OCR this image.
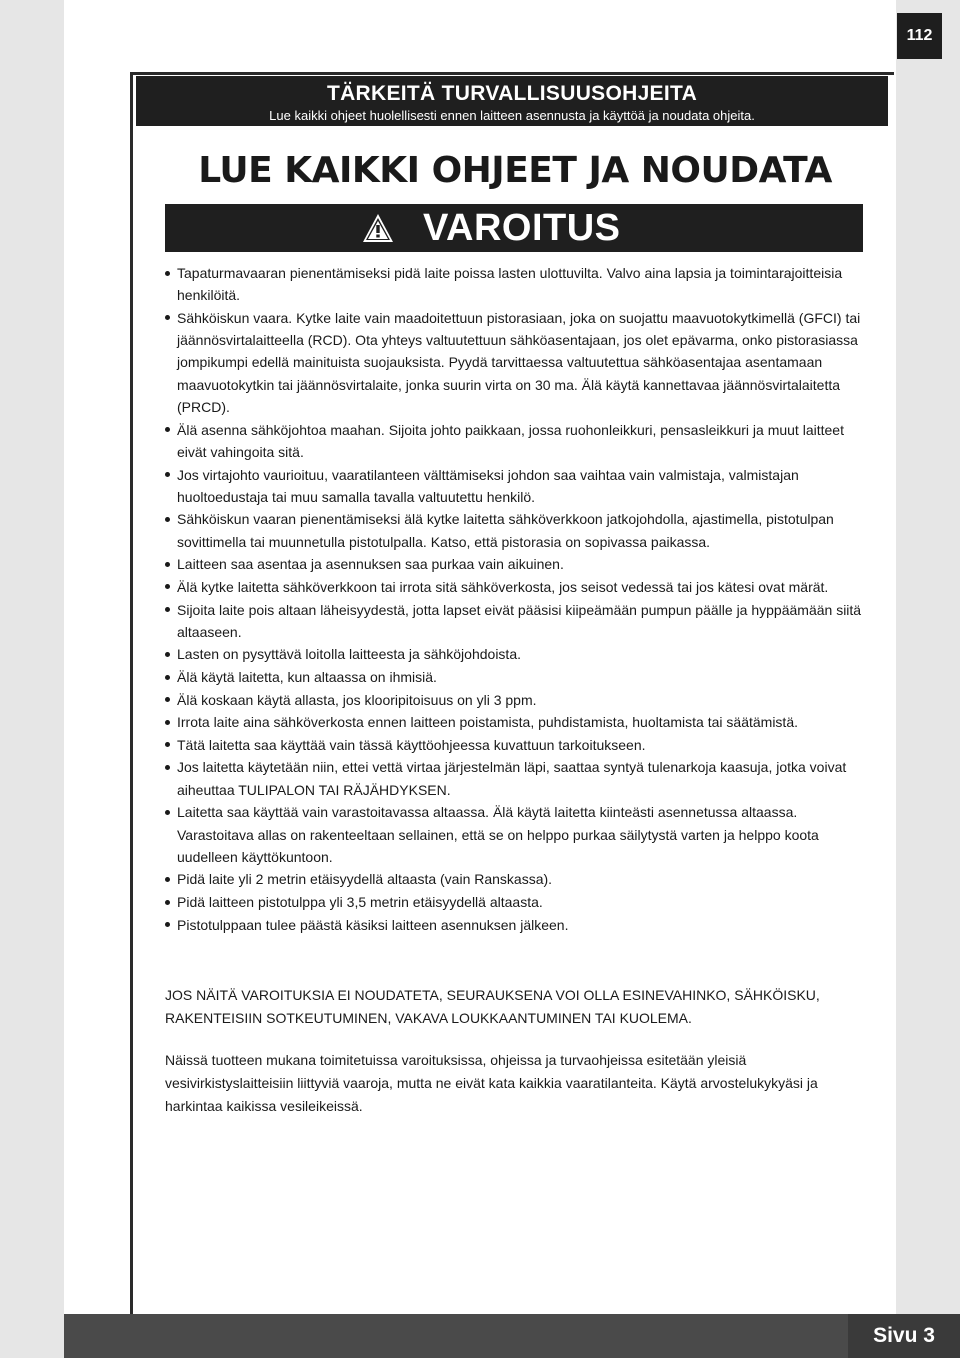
112
TÄRKEITÄ TURVALLISUUSOHJEITA
Lue kaikki ohjeet huolellisesti ennen laitteen asennusta ja käyttöä ja noudata ohjeita.
LUE KAIKKI OHJEET JA NOUDATA
VAROITUS
Tapaturmavaaran pienentämiseksi pidä laite poissa lasten ulottuvilta. Valvo aina lapsia ja toimintarajoitteisia henkilöitä.
Sähköiskun vaara. Kytke laite vain maadoitettuun pistorasiaan, joka on suojattu maavuotokytkimellä (GFCI) tai jäännösvirtalaitteella (RCD). Ota yhteys valtuutettuun sähköasentajaan, jos olet epävarma, onko pistorasiassa jompikumpi edellä mainituista suojauksista. Pyydä tarvittaessa valtuutettua sähköasentajaa asentamaan maavuotokytkin tai jäännösvirtalaite, jonka suurin virta on 30 ma. Älä käytä kannettavaa jäännösvirtalaitetta (PRCD).
Älä asenna sähköjohtoa maahan. Sijoita johto paikkaan, jossa ruohonleikkuri, pensasleikkuri ja muut laitteet eivät vahingoita sitä.
Jos virtajohto vaurioituu, vaaratilanteen välttämiseksi johdon saa vaihtaa vain valmistaja, valmistajan huoltoedustaja tai muu samalla tavalla valtuutettu henkilö.
Sähköiskun vaaran pienentämiseksi älä kytke laitetta sähköverkkoon jatkojohdolla, ajastimella, pistotulpan sovittimella tai muunnetulla pistotulpalla. Katso, että pistorasia on sopivassa paikassa.
Laitteen saa asentaa ja asennuksen saa purkaa vain aikuinen.
Älä kytke laitetta sähköverkkoon tai irrota sitä sähköverkosta, jos seisot vedessä tai jos kätesi ovat märät.
Sijoita laite pois altaan läheisyydestä, jotta lapset eivät pääsisi kiipeämään pumpun päälle ja hyppäämään siitä altaaseen.
Lasten on pysyttävä loitolla laitteesta ja sähköjohdoista.
Älä käytä laitetta, kun altaassa on ihmisiä.
Älä koskaan käytä allasta, jos klooripitoisuus on yli 3 ppm.
Irrota laite aina sähköverkosta ennen laitteen poistamista, puhdistamista, huoltamista tai säätämistä.
Tätä laitetta saa käyttää vain tässä käyttöohjeessa kuvattuun tarkoitukseen.
Jos laitetta käytetään niin, ettei vettä virtaa järjestelmän läpi, saattaa syntyä tulenarkoja kaasuja, jotka voivat aiheuttaa TULIPALON TAI RÄJÄHDYKSEN.
Laitetta saa käyttää vain varastoitavassa altaassa. Älä käytä laitetta kiinteästi asennetussa altaassa. Varastoitava allas on rakenteeltaan sellainen, että se on helppo purkaa säilytystä varten ja helppo koota uudelleen käyttökuntoon.
Pidä laite yli 2 metrin etäisyydellä altaasta (vain Ranskassa).
Pidä laitteen pistotulppa yli 3,5 metrin etäisyydellä altaasta.
Pistotulppaan tulee päästä käsiksi laitteen asennuksen jälkeen.
JOS NÄITÄ VAROITUKSIA EI NOUDATETA, SEURAUKSENA VOI OLLA ESINEVAHINKO, SÄHKÖISKU, RAKENTEISIIN SOTKEUTUMINEN, VAKAVA LOUKKAANTUMINEN TAI KUOLEMA.
Näissä tuotteen mukana toimitetuissa varoituksissa, ohjeissa ja turvaohjeissa esitetään yleisiä vesivirkistyslaitteisiin liittyviä vaaroja, mutta ne eivät kata kaikkia vaaratilanteita. Käytä arvostelukykyäsi ja harkintaa kaikissa vesileikeissä.
Sivu 3
